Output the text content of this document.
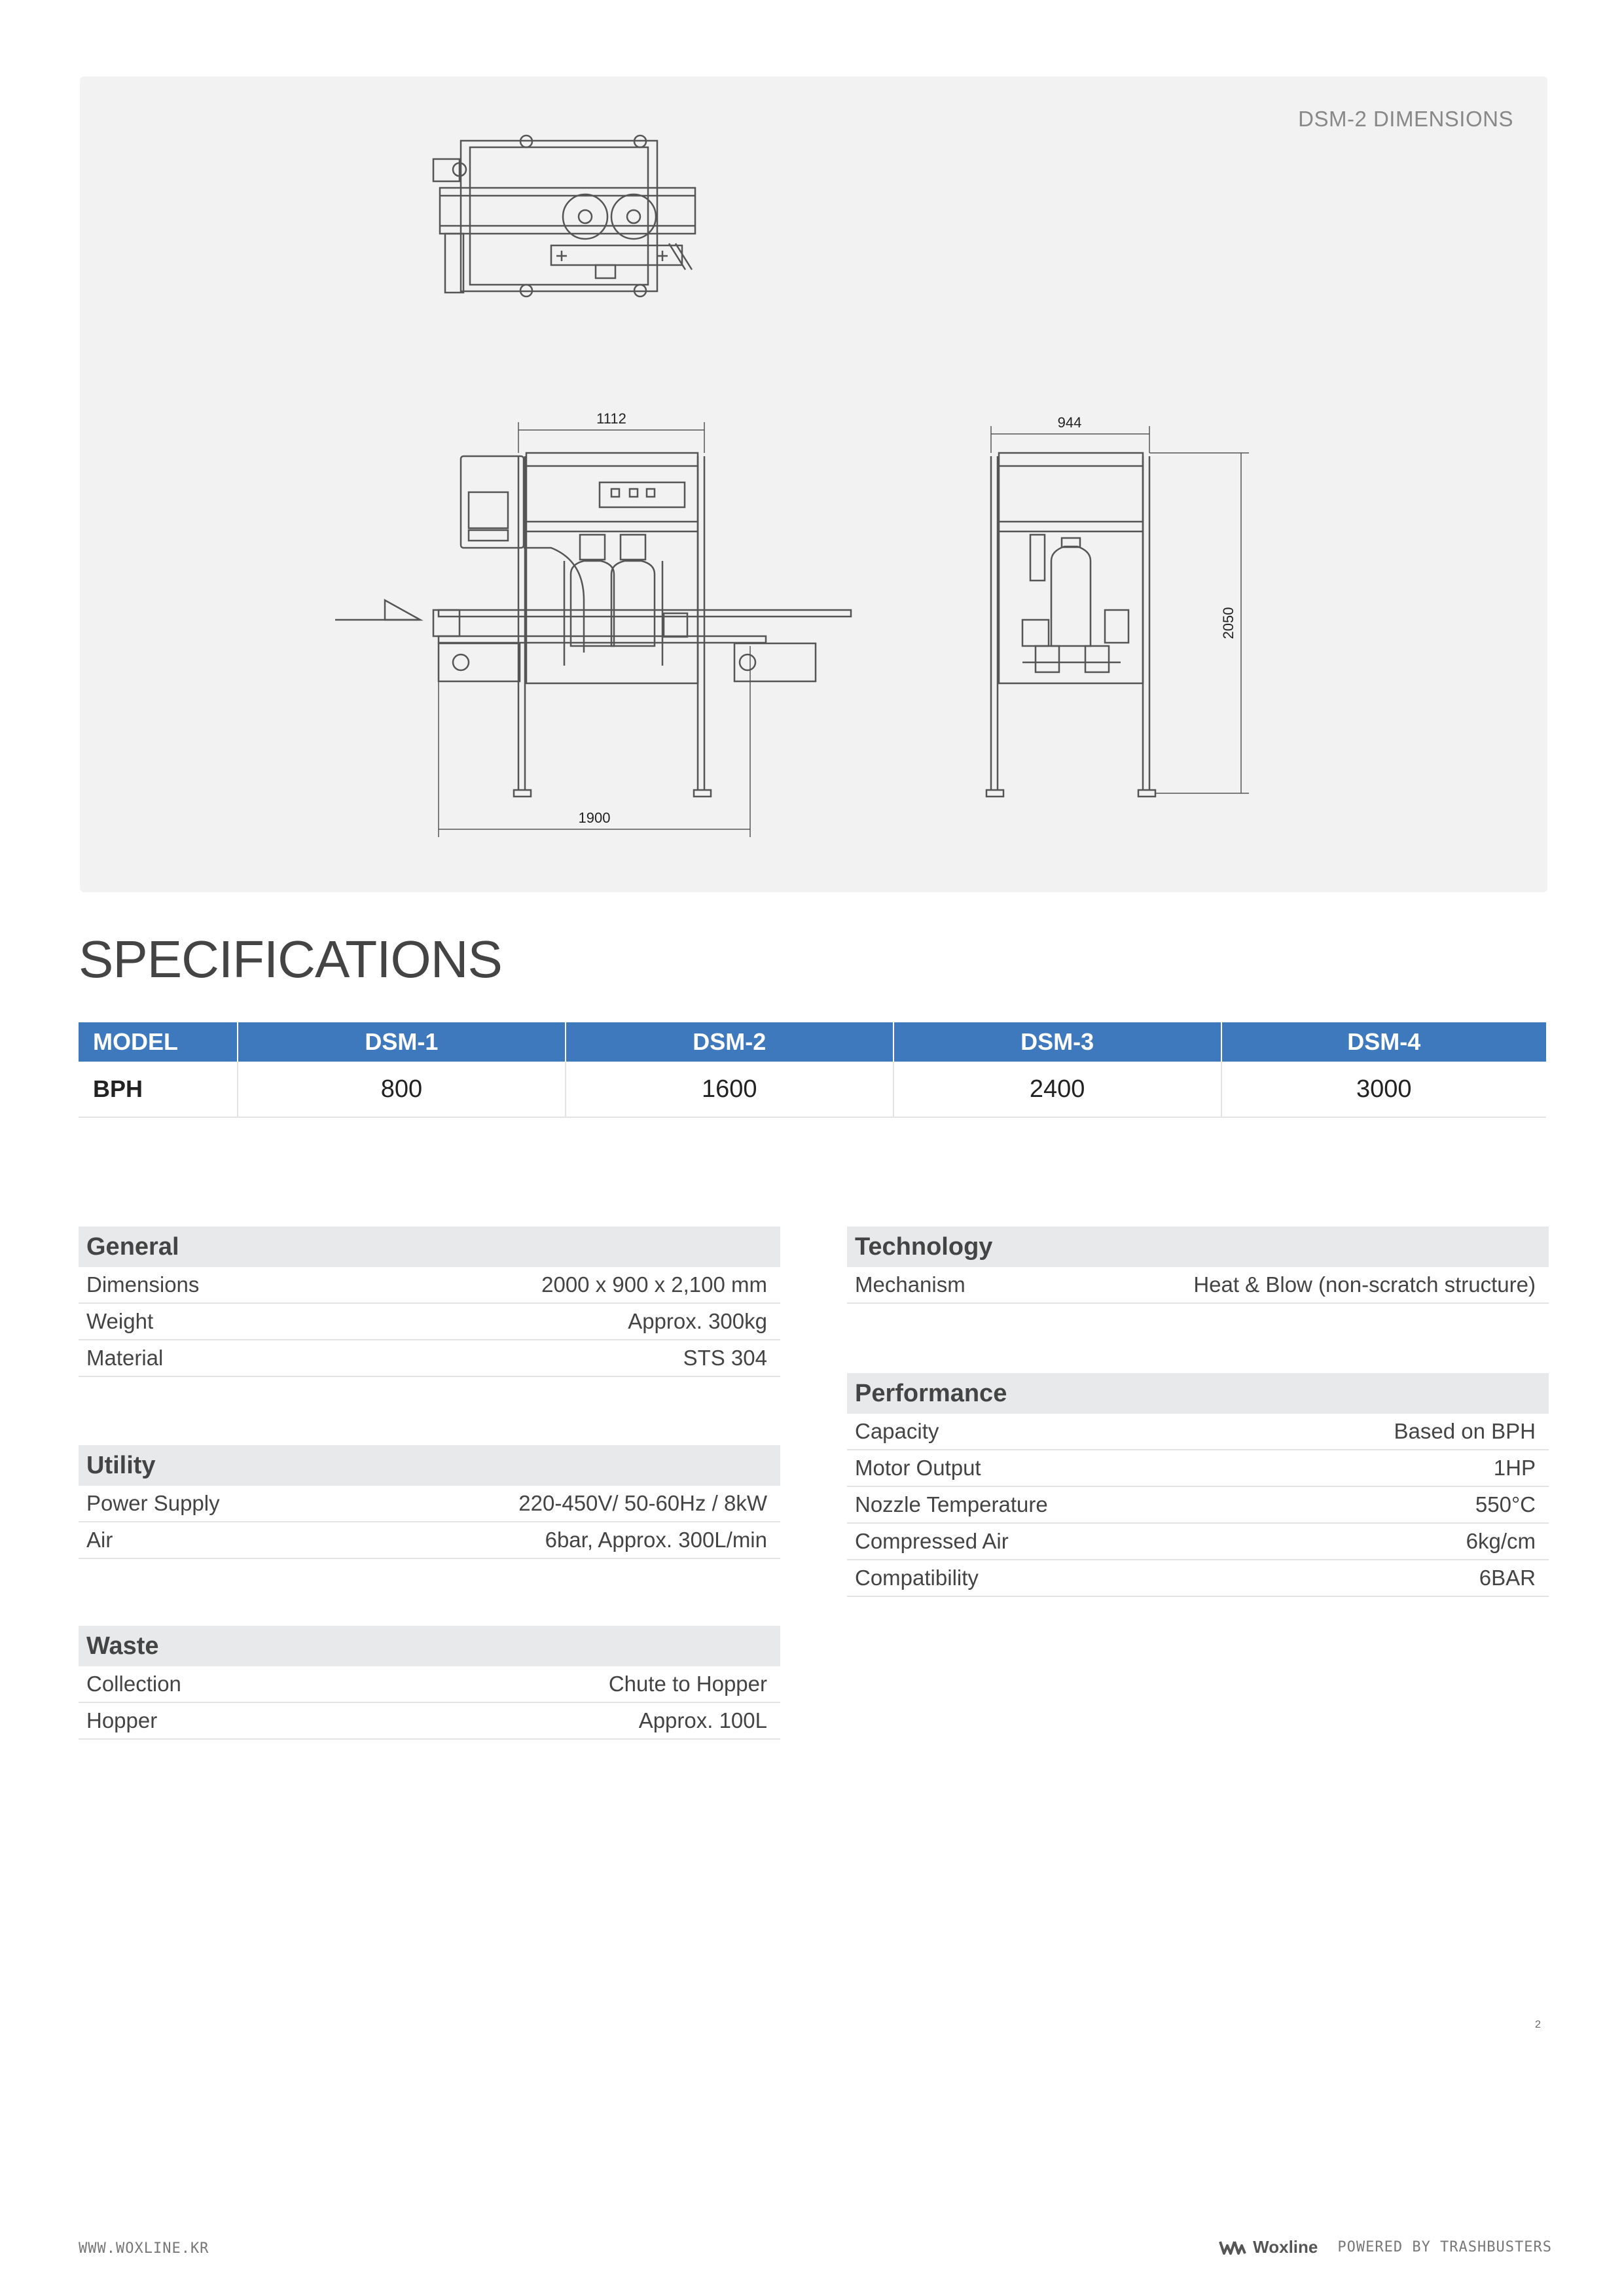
DSM-2 DIMENSIONS
1112	944
1900
2050
SPECIFICATIONS
MODEL	DSM-1	DSM-2	DSM-3	DSM-4
BPH	800	1600	2400	3000
General
Dimensions	2000 x 900 x 2,100 mm
Weight	Approx. 300kg
Material	STS 304
Utility
Power Supply	220-450V/ 50-60Hz / 8kW
Air	6bar, Approx. 300L/min
Waste
Collection	Chute to Hopper
Hopper	Approx. 100L
Technology
Mechanism	Heat & Blow (non-scratch structure)
Performance
Capacity	Based on BPH
Motor Output	1HP
Nozzle Temperature	550°C
Compressed Air	6kg/cm
Compatibility	6BAR
2
WWW.WOXLINE.KR	Woxline POWERED BY TRASHBUSTERS
